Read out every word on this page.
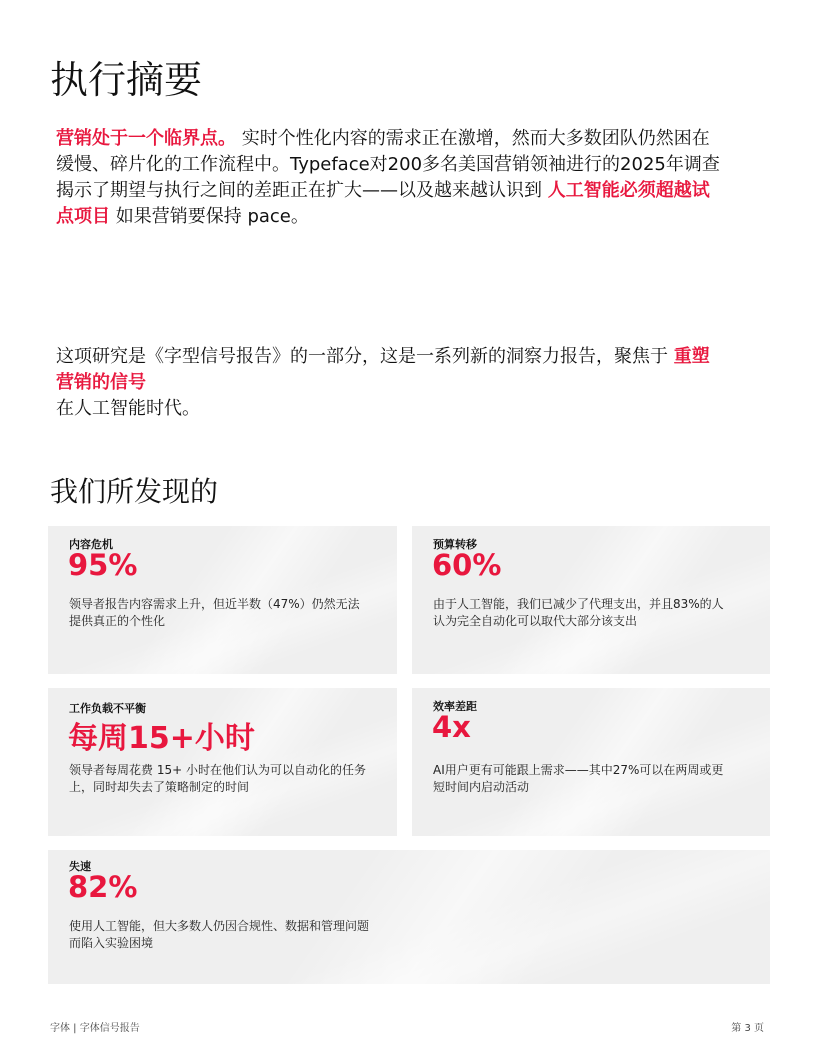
执行摘要

营销处于一个临界点。 实时个性化内容的需求正在激增，然而大多数团队仍然困在缓慢、碎片化的工作流程中。Typeface对200多名美国营销领袖进行的2025年调查揭示了期望与执行之间的差距正在扩大——以及越来越认识到 人工智能必须超越试点项目 如果营销要保持 pace。

这项研究是《字型信号报告》的一部分，这是一系列新的洞察力报告，聚焦于 重塑营销的信号
在人工智能时代。

我们所发现的
内容危机
95%
领导者报告内容需求上升，但近半数（47%）仍然无法提供真正的个性化
预算转移
60%
由于人工智能，我们已减少了代理支出，并且83%的人认为完全自动化可以取代大部分该支出
工作负载不平衡
每周15+小时
领导者每周花费 15+ 小时在他们认为可以自动化的任务上，同时却失去了策略制定的时间
效率差距
4x
AI用户更有可能跟上需求——其中27%可以在两周或更短时间内启动活动
失速
82%
使用人工智能，但大多数人仍因合规性、数据和管理问题而陷入实验困境
字体 | 字体信号报告	第 3 页
